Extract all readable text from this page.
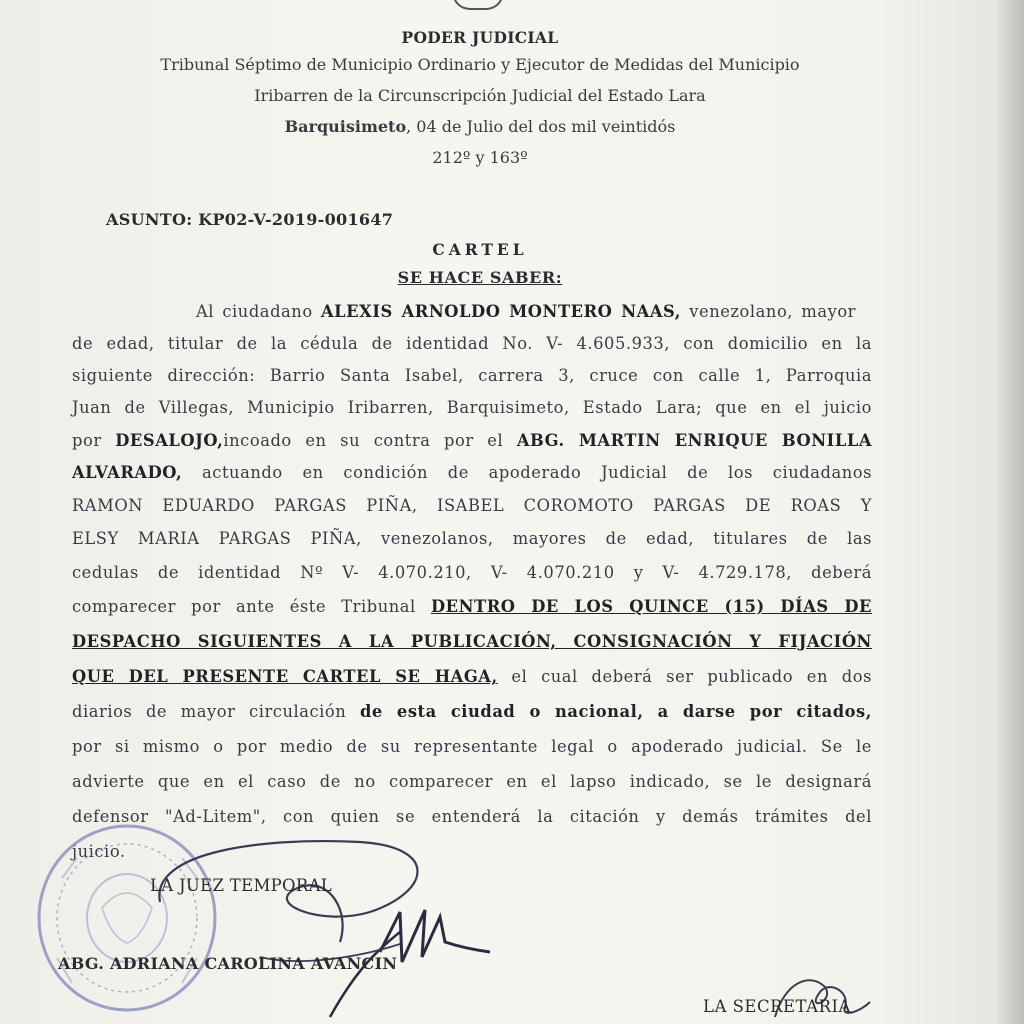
PODER JUDICIAL
Tribunal Séptimo de Municipio Ordinario y Ejecutor de Medidas del Municipio
Iribarren de la Circunscripción Judicial del Estado Lara
Barquisimeto, 04 de Julio del dos mil veintidós
212º y 163º
ASUNTO: KP02-V-2019-001647
CARTEL
SE HACE SABER:
Al ciudadano ALEXIS ARNOLDO MONTERO NAAS, venezolano, mayor
de edad, titular de la cédula de identidad No. V- 4.605.933, con domicilio en la
siguiente dirección: Barrio Santa Isabel, carrera 3, cruce con calle 1, Parroquia
Juan de Villegas, Municipio Iribarren, Barquisimeto, Estado Lara; que en el juicio
por DESALOJO,incoado en su contra por el ABG. MARTIN ENRIQUE BONILLA
ALVARADO, actuando en condición de apoderado Judicial de los ciudadanos
RAMON EDUARDO PARGAS PIÑA, ISABEL COROMOTO PARGAS DE ROAS Y
ELSY MARIA PARGAS PIÑA, venezolanos, mayores de edad, titulares de las
cedulas de identidad Nº V- 4.070.210, V- 4.070.210 y V- 4.729.178, deberá
comparecer por ante éste Tribunal DENTRO DE LOS QUINCE (15) DÍAS DE
DESPACHO SIGUIENTES A LA PUBLICACIÓN, CONSIGNACIÓN Y FIJACIÓN
QUE DEL PRESENTE CARTEL SE HAGA, el cual deberá ser publicado en dos
diarios de mayor circulación de esta ciudad o nacional, a darse por citados,
por si mismo o por medio de su representante legal o apoderado judicial. Se le
advierte que en el caso de no comparecer en el lapso indicado, se le designará
defensor "Ad-Litem", con quien se entenderá la citación y demás trámites del
juicio.
LA JUEZ TEMPORAL
ABG. ADRIANA CAROLINA AVANCIN
LA SECRETARIA
